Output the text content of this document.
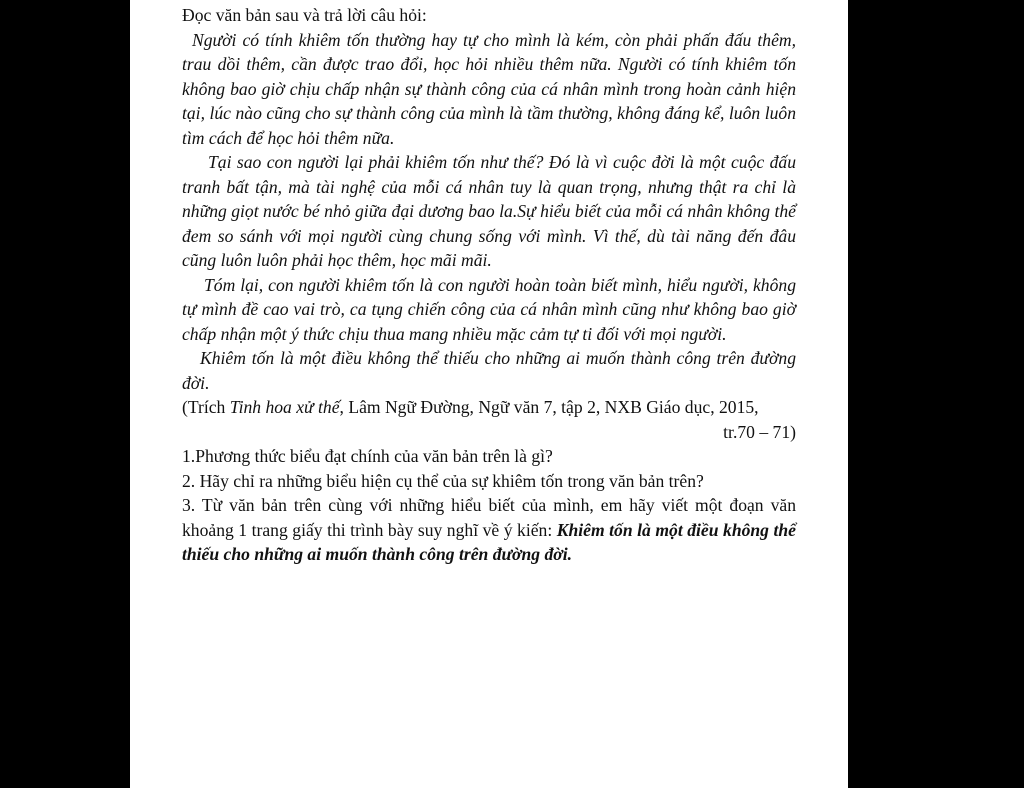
Đọc văn bản sau và trả lời câu hỏi:

Người có tính khiêm tốn thường hay tự cho mình là kém, còn phải phấn đấu thêm, trau dồi thêm, cần được trao đổi, học hỏi nhiều thêm nữa. Người có tính khiêm tốn không bao giờ chịu chấp nhận sự thành công của cá nhân mình trong hoàn cảnh hiện tại, lúc nào cũng cho sự thành công của mình là tầm thường, không đáng kể, luôn luôn tìm cách để học hỏi thêm nữa.

Tại sao con người lại phải khiêm tốn như thế? Đó là vì cuộc đời là một cuộc đấu tranh bất tận, mà tài nghệ của mỗi cá nhân tuy là quan trọng, nhưng thật ra chỉ là những giọt nước bé nhỏ giữa đại dương bao la.Sự hiểu biết của mỗi cá nhân không thể đem so sánh với mọi người cùng chung sống với mình. Vì thế, dù tài năng đến đâu cũng luôn luôn phải học thêm, học mãi mãi.

Tóm lại, con người khiêm tốn là con người hoàn toàn biết mình, hiểu người, không tự mình đề cao vai trò, ca tụng chiến công của cá nhân mình cũng như không bao giờ chấp nhận một ý thức chịu thua mang nhiều mặc cảm tự ti đối với mọi người.

Khiêm tốn là một điều không thể thiếu cho những ai muốn thành công trên đường đời.

(Trích Tinh hoa xử thế, Lâm Ngữ Đường, Ngữ văn 7, tập 2, NXB Giáo dục, 2015,
tr.70 – 71)

1.Phương thức biểu đạt chính của văn bản trên là gì?

2. Hãy chỉ ra những biểu hiện cụ thể của sự khiêm tốn trong văn bản trên?

3. Từ văn bản trên cùng với những hiểu biết của mình, em hãy viết một đoạn văn khoảng 1 trang giấy thi trình bày suy nghĩ về ý kiến: Khiêm tốn là một điều không thể thiếu cho những ai muốn thành công trên đường đời.
